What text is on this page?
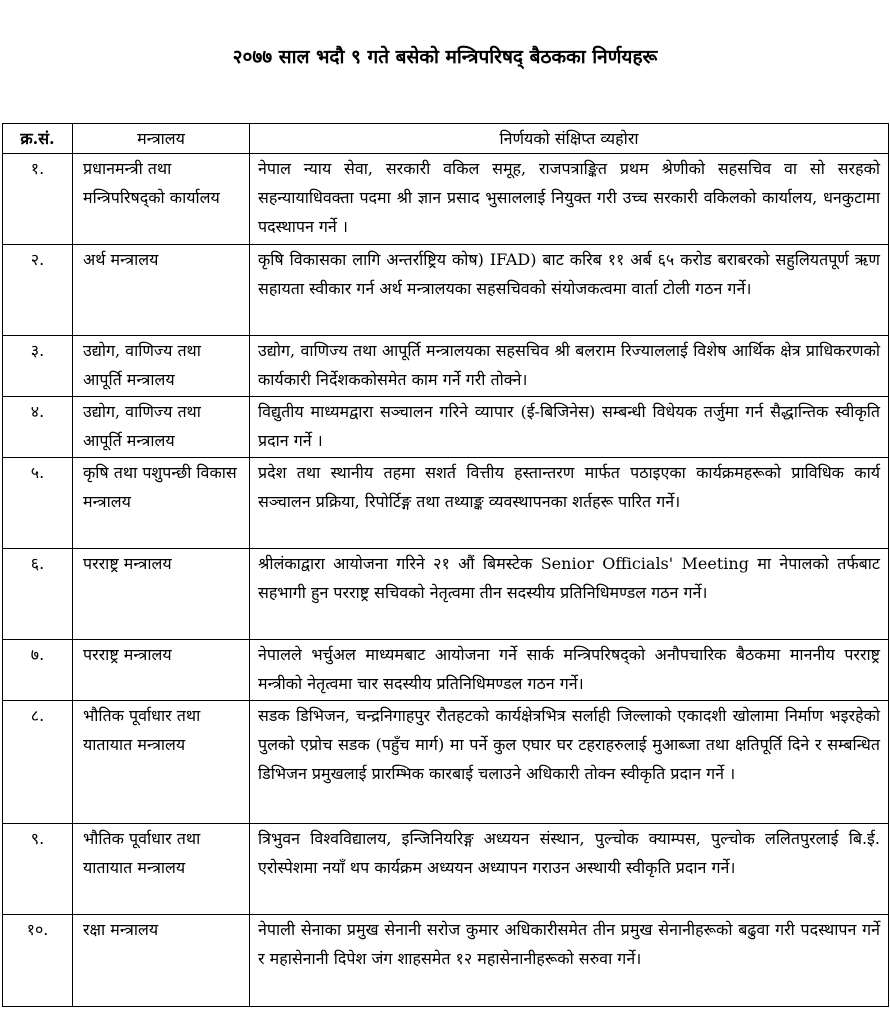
२०७७ साल भदौ ९ गते बसेको मन्त्रिपरिषद् बैठकका निर्णयहरू
क्र.सं.	मन्त्रालय	निर्णयको संक्षिप्त व्यहोरा
१.	प्रधानमन्त्री तथा मन्त्रिपरिषद्को कार्यालय	नेपाल न्याय सेवा, सरकारी वकिल समूह, राजपत्राङ्कित प्रथम श्रेणीको सहसचिव वा सो सरहको सहन्यायाधिवक्ता पदमा श्री ज्ञान प्रसाद भुसाललाई नियुक्त गरी उच्च सरकारी वकिलको कार्यालय, धनकुटामा पदस्थापन गर्ने ।
२.	अर्थ मन्त्रालय	कृषि विकासका लागि अन्तर्राष्ट्रिय कोष) IFAD) बाट करिब ११ अर्ब ६५ करोड बराबरको सहुलियतपूर्ण ऋण सहायता स्वीकार गर्न अर्थ मन्त्रालयका सहसचिवको संयोजकत्वमा वार्ता टोली गठन गर्ने।
३.	उद्योग, वाणिज्य तथा आपूर्ति मन्त्रालय	उद्योग, वाणिज्य तथा आपूर्ति मन्त्रालयका सहसचिव श्री बलराम रिज्याललाई विशेष आर्थिक क्षेत्र प्राधिकरणको कार्यकारी निर्देशककोसमेत काम गर्ने गरी तोक्ने।
४.	उद्योग, वाणिज्य तथा आपूर्ति मन्त्रालय	विद्युतीय माध्यमद्वारा सञ्चालन गरिने व्यापार (ई-बिजिनेस) सम्बन्धी विधेयक तर्जुमा गर्न सैद्धान्तिक स्वीकृति प्रदान गर्ने ।
५.	कृषि तथा पशुपन्छी विकास मन्त्रालय	प्रदेश तथा स्थानीय तहमा सशर्त वित्तीय हस्तान्तरण मार्फत पठाइएका कार्यक्रमहरूको प्राविधिक कार्य सञ्चालन प्रक्रिया, रिपोर्टिङ्ग तथा तथ्याङ्क व्यवस्थापनका शर्तहरू पारित गर्ने।
६.	परराष्ट्र मन्त्रालय	श्रीलंकाद्वारा आयोजना गरिने २१ औं बिमस्टेक Senior Officials' Meeting मा नेपालको तर्फबाट सहभागी हुन परराष्ट्र सचिवको नेतृत्वमा तीन सदस्यीय प्रतिनिधिमण्डल गठन गर्ने।
७.	परराष्ट्र मन्त्रालय	नेपालले भर्चुअल माध्यमबाट आयोजना गर्ने सार्क मन्त्रिपरिषद्को अनौपचारिक बैठकमा माननीय परराष्ट्र मन्त्रीको नेतृत्वमा चार सदस्यीय प्रतिनिधिमण्डल गठन गर्ने।
८.	भौतिक पूर्वाधार तथा यातायात मन्त्रालय	सडक डिभिजन, चन्द्रनिगाहपुर रौतहटको कार्यक्षेत्रभित्र सर्लाही जिल्लाको एकादशी खोलामा निर्माण भइरहेको पुलको एप्रोच सडक (पहुँच मार्ग) मा पर्ने कुल एघार घर टहराहरुलाई मुआब्जा तथा क्षतिपूर्ति दिने र सम्बन्धित डिभिजन प्रमुखलाई प्रारम्भिक कारबाई चलाउने अधिकारी तोक्न स्वीकृति प्रदान गर्ने ।
९.	भौतिक पूर्वाधार तथा यातायात मन्त्रालय	त्रिभुवन विश्वविद्यालय, इन्जिनियरिङ्ग अध्ययन संस्थान, पुल्चोक क्याम्पस, पुल्चोक ललितपुरलाई बि.ई. एरोस्पेशमा नयाँ थप कार्यक्रम अध्ययन अध्यापन गराउन अस्थायी स्वीकृति प्रदान गर्ने।
१०.	रक्षा मन्त्रालय	नेपाली सेनाका प्रमुख सेनानी सरोज कुमार अधिकारीसमेत तीन प्रमुख सेनानीहरूको बढुवा गरी पदस्थापन गर्ने र महासेनानी दिपेश जंग शाहसमेत १२ महासेनानीहरूको सरुवा गर्ने।
